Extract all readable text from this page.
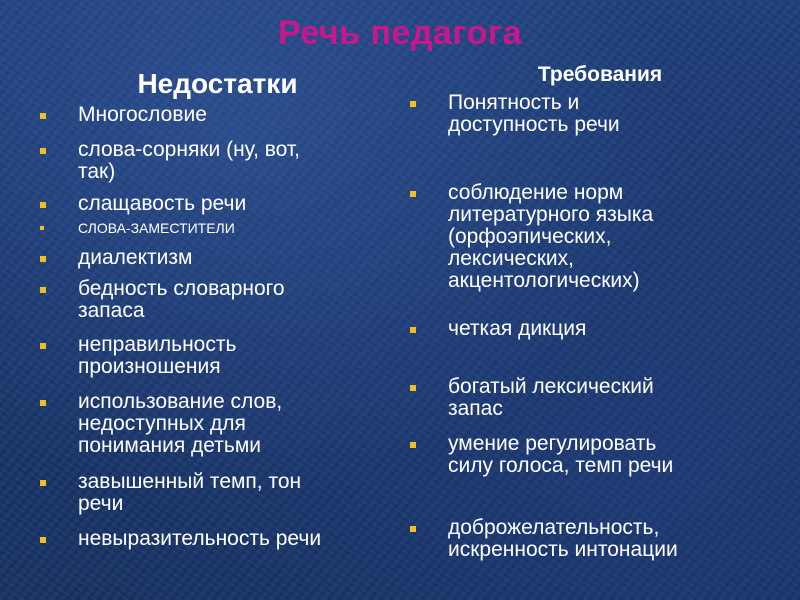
Речь педагога
Недостатки	Требования
Многословие
слова-сорняки (ну, вот,
так)
слащавость речи
СЛОВА-ЗАМЕСТИТЕЛИ
диалектизм
бедность словарного
запаса
неправильность
произношения
использование слов,
недоступных для
понимания детьми
завышенный темп, тон
речи
невыразительность речи
Понятность и
доступность речи
соблюдение норм
литературного языка
(орфоэпических,
лексических,
акцентологических)
четкая дикция
богатый лексический
запас
умение регулировать
силу голоса, темп речи
доброжелательность,
искренность интонации
